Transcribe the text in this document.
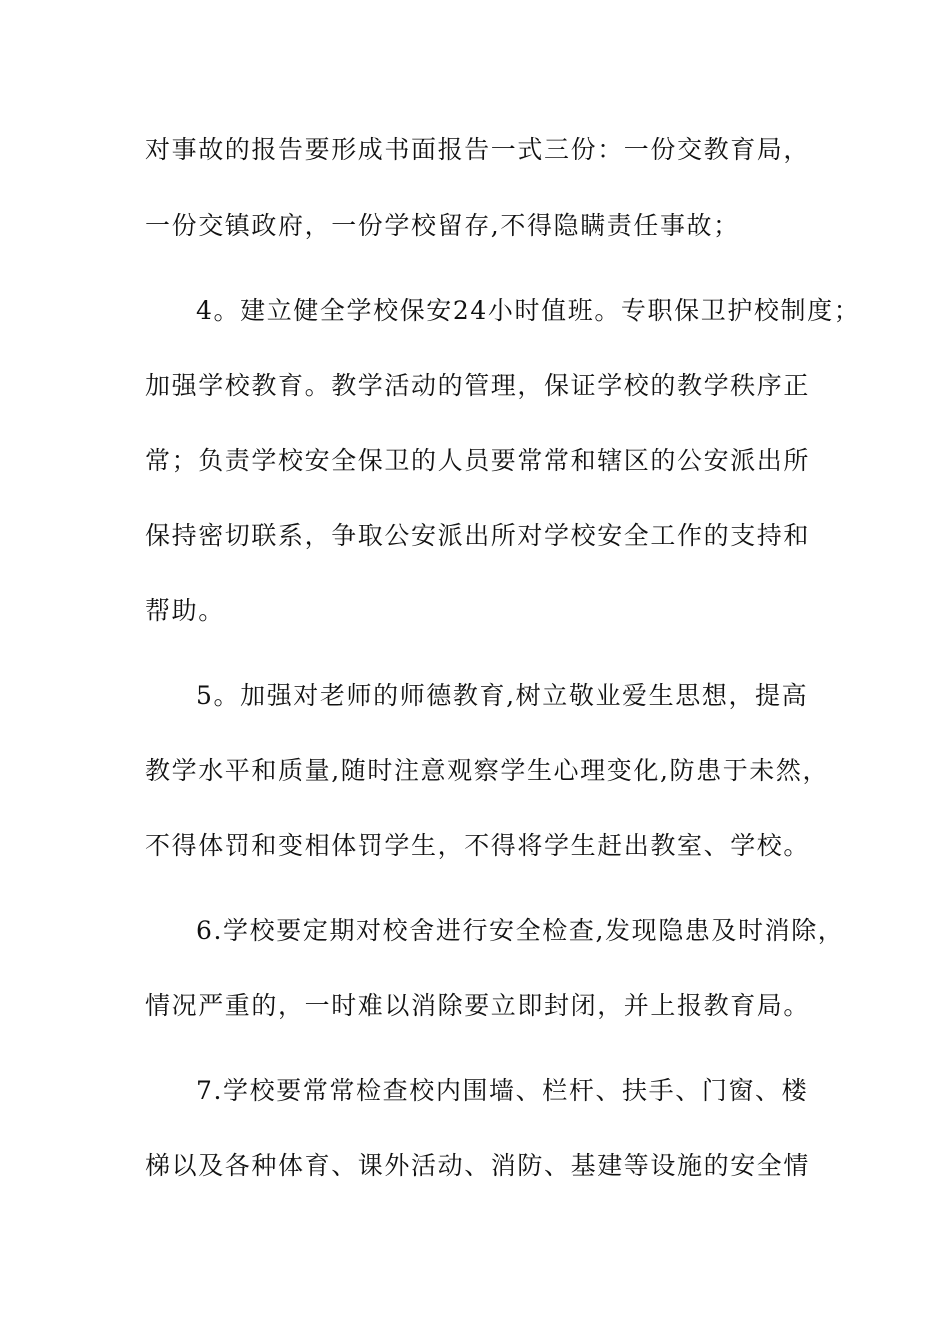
对事故的报告要形成书面报告一式三份：一份交教育局，
一份交镇政府，一份学校留存,不得隐瞒责任事故；
4。建立健全学校保安24小时值班。专职保卫护校制度；
加强学校教育。教学活动的管理，保证学校的教学秩序正
常；负责学校安全保卫的人员要常常和辖区的公安派出所
保持密切联系，争取公安派出所对学校安全工作的支持和
帮助。
5。加强对老师的师德教育,树立敬业爱生思想，提高
教学水平和质量,随时注意观察学生心理变化,防患于未然，
不得体罚和变相体罚学生，不得将学生赶出教室、学校。
6.学校要定期对校舍进行安全检查,发现隐患及时消除，
情况严重的，一时难以消除要立即封闭，并上报教育局。
7.学校要常常检查校内围墙、栏杆、扶手、门窗、楼
梯以及各种体育、课外活动、消防、基建等设施的安全情
